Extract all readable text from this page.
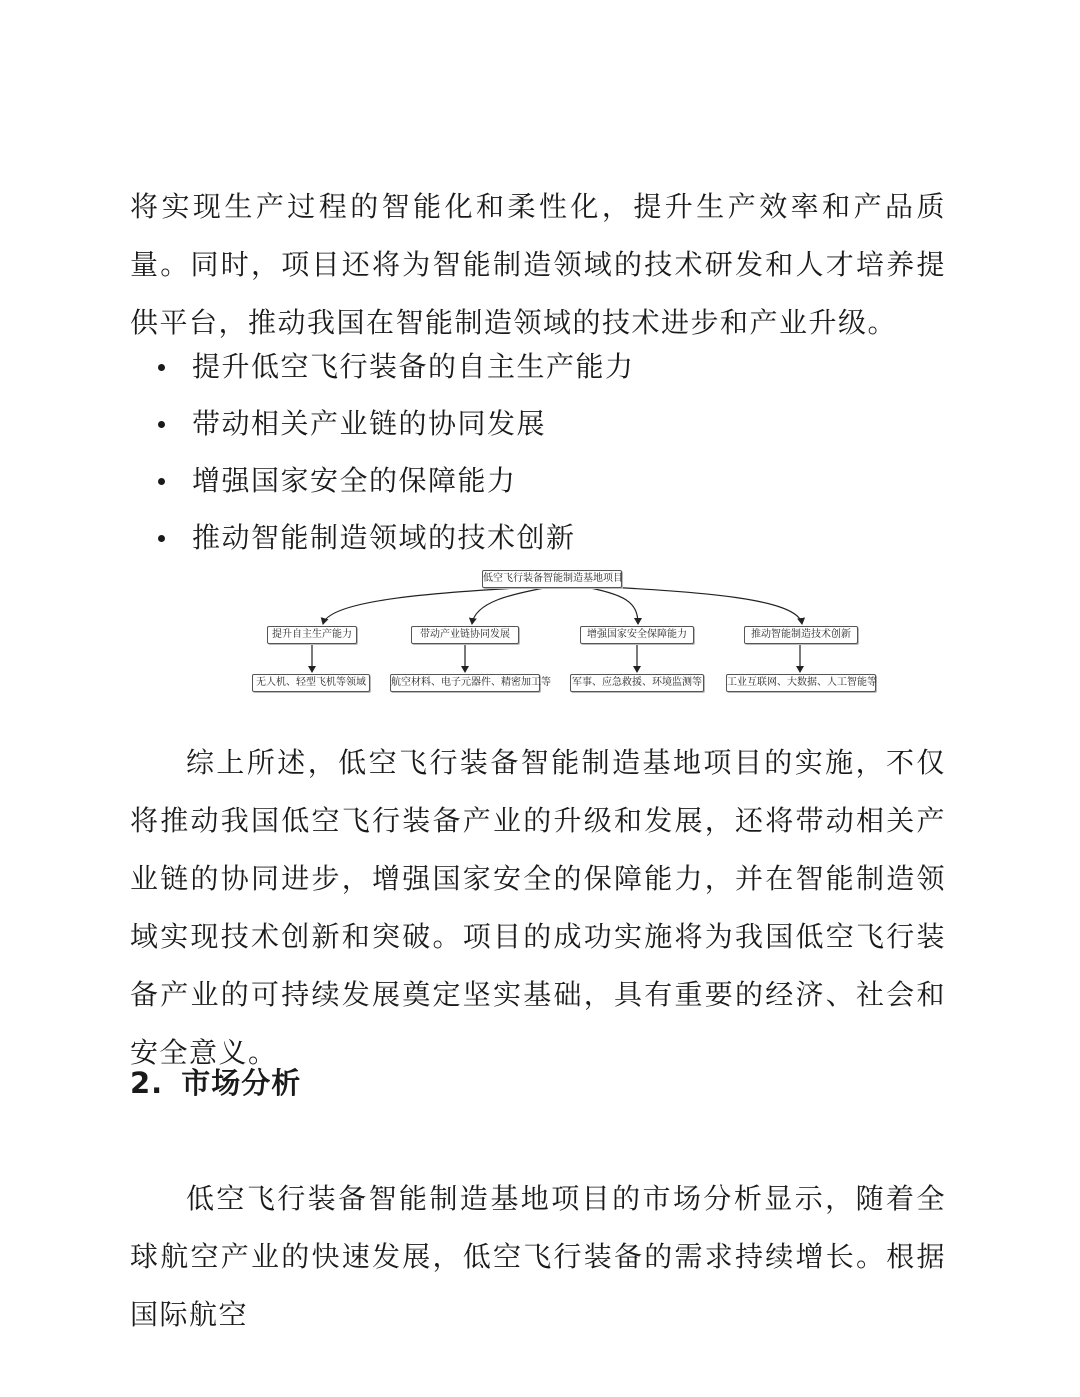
将实现生产过程的智能化和柔性化，提升生产效率和产品质量。同时，项目还将为智能制造领域的技术研发和人才培养提供平台，推动我国在智能制造领域的技术进步和产业升级。

提升低空飞行装备的自主生产能力
带动相关产业链的协同发展
增强国家安全的保障能力
推动智能制造领域的技术创新
低空飞行装备智能制造基地项目
提升自主生产能力	带动产业链协同发展	增强国家安全保障能力	推动智能制造技术创新
无人机、轻型飞机等领域	航空材料、电子元器件、精密加工等 军事、应急救援、环境监测等	工业互联网、大数据、人工智能等

综上所述，低空飞行装备智能制造基地项目的实施，不仅将推动我国低空飞行装备产业的升级和发展，还将带动相关产业链的协同进步，增强国家安全的保障能力，并在智能制造领域实现技术创新和突破。项目的成功实施将为我国低空飞行装备产业的可持续发展奠定坚实基础，具有重要的经济、社会和安全意义。

2. 市场分析

低空飞行装备智能制造基地项目的市场分析显示，随着全球航空产业的快速发展，低空飞行装备的需求持续增长。根据国际航空
